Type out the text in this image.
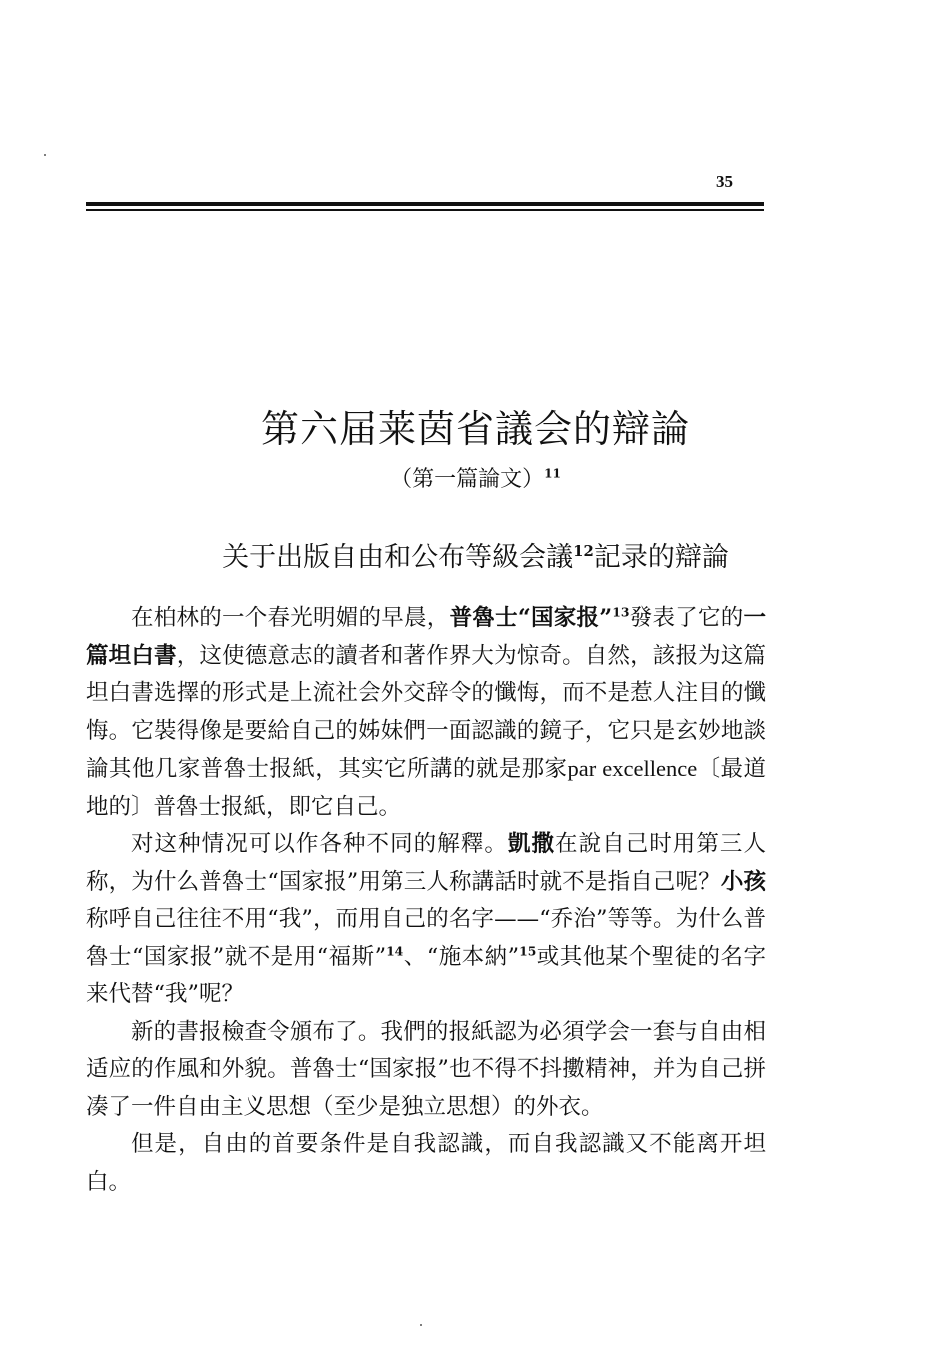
35
第六届莱茵省議会的辯論
（第一篇論文）$^{11}$
关于出版自由和公布等級会議$^{12}$記录的辯論

在柏林的一个春光明媚的早晨，普魯士“国家报”$^{13}$發表了它的一篇坦白書，这使德意志的讀者和著作界大为惊奇。自然，該报为这篇坦白書选擇的形式是上流社会外交辞令的懺悔，而不是惹人注目的懺悔。它裝得像是要給自己的姊妹們一面認識的鏡子，它只是玄妙地談論其他几家普魯士报紙，其实它所講的就是那家par excellence〔最道地的〕普魯士报紙，即它自己。

对这种情况可以作各种不同的解釋。凱撒在說自己时用第三人称，为什么普魯士“国家报”用第三人称講話时就不是指自己呢？小孩称呼自己往往不用“我”，而用自己的名字——“乔治”等等。为什么普魯士“国家报”就不是用“福斯”$^{14}$、“施本納”$^{15}$或其他某个聖徒的名字来代替“我”呢？

新的書报檢查令頒布了。我們的报紙認为必須学会一套与自由相适应的作風和外貌。普魯士“国家报”也不得不抖擻精神，并为自己拼凑了一件自由主义思想（至少是独立思想）的外衣。

但是，自由的首要条件是自我認識，而自我認識又不能离开坦白。
